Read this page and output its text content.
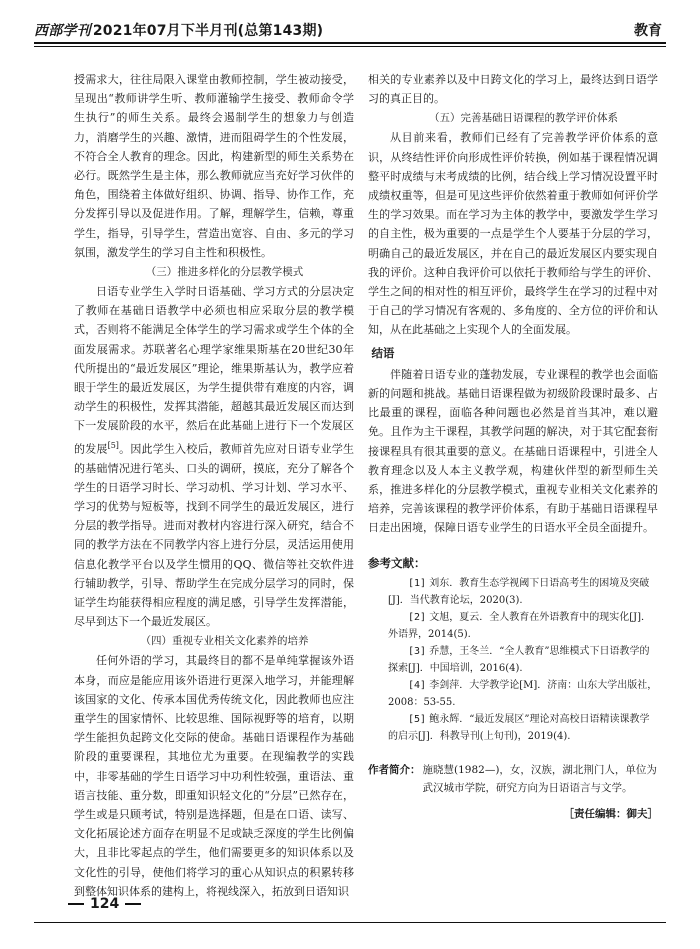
西部学刊 2021年07月下半月刊(总第143期)	教育

授需求大，往往局限入课堂由教师控制，学生被动接受，呈现出“教师讲学生听、教师灌输学生接受、教师命令学生执行”的师生关系。最终会遏制学生的想象力与创造力，消磨学生的兴趣、激情，进而阻碍学生的个性发展，不符合全人教育的理念。因此，构建新型的师生关系势在必行。既然学生是主体，那么教师就应当充好学习伙伴的角色，围绕着主体做好组织、协调、指导、协作工作，充分发挥引导以及促进作用。了解，理解学生，信赖，尊重学生，指导，引导学生，营造出宽容、自由、多元的学习氛围，激发学生的学习自主性和积极性。

（三）推进多样化的分层教学模式

日语专业学生入学时日语基础、学习方式的分层决定了教师在基础日语教学中必须也相应采取分层的教学模式，否则将不能满足全体学生的学习需求或学生个体的全面发展需求。苏联著名心理学家维果斯基在20世纪30年代所提出的“最近发展区”理论，维果斯基认为，教学应着眼于学生的最近发展区，为学生提供带有难度的内容，调动学生的积极性，发挥其潜能，超越其最近发展区而达到下一发展阶段的水平，然后在此基础上进行下一个发展区的发展[5]。因此学生入校后，教师首先应对日语专业学生的基础情况进行笔头、口头的调研，摸底，充分了解各个学生的日语学习时长、学习动机、学习计划、学习水平、学习的优势与短板等，找到不同学生的最近发展区，进行分层的教学指导。进而对教材内容进行深入研究，结合不同的教学方法在不同教学内容上进行分层，灵活运用使用信息化教学平台以及学生惯用的QQ、微信等社交软件进行辅助教学，引导、帮助学生在完成分层学习的同时，保证学生均能获得相应程度的满足感，引导学生发挥潜能，尽早到达下一个最近发展区。

（四）重视专业相关文化素养的培养

任何外语的学习，其最终目的都不是单纯掌握该外语本身，而应是能应用该外语进行更深入地学习，并能理解该国家的文化、传承本国优秀传统文化，因此教师也应注重学生的国家情怀、比较思维、国际视野等的培育，以期学生能担负起跨文化交际的使命。基础日语课程作为基础阶段的重要课程，其地位尤为重要。在现编教学的实践中，非零基础的学生日语学习中功利性较强，重语法、重语言技能、重分数，即重知识轻文化的“分层”已然存在，学生或是只顾考试，特别是选择题，但是在口语、读写、文化拓展论述方面存在明显不足或缺乏深度的学生比例偏大，且非比零起点的学生，他们需要更多的知识体系以及文化性的引导，使他们将学习的重心从知识点的积累转移到整体知识体系的建构上，将视线深入，拓放到日语知识

相关的专业素养以及中日跨文化的学习上，最终达到日语学习的真正目的。

（五）完善基础日语课程的教学评价体系

从目前来看，教师们已经有了完善教学评价体系的意识，从终结性评价向形成性评价转换，例如基于课程情况调整平时成绩与末考成绩的比例，结合线上学习情况设置平时成绩权重等，但是可见这些评价依然着重于教师如何评价学生的学习效果。而在学习为主体的教学中，要激发学生学习的自主性，极为重要的一点是学生个人要基于分层的学习，明确自己的最近发展区，并在自己的最近发展区内要实现自我的评价。这种自我评价可以依托于教师给与学生的评价、学生之间的相对性的相互评价，最终学生在学习的过程中对于自己的学习情况有客观的、多角度的、全方位的评价和认知，从在此基础之上实现个人的全面发展。

结语

伴随着日语专业的蓬勃发展，专业课程的教学也会面临新的问题和挑战。基础日语课程做为初级阶段课时最多、占比最重的课程，面临各种问题也必然是首当其冲，难以避免。且作为主干课程，其教学问题的解决，对于其它配套衔接课程具有很其重要的意义。在基础日语课程中，引进全人教育理念以及人本主义教学观，构建伙伴型的新型师生关系，推进多样化的分层教学模式，重视专业相关文化素养的培养，完善该课程的教学评价体系，有助于基础日语课程早日走出困境，保障日语专业学生的日语水平全员全面提升。

参考文献：

[1] 刘东．教育生态学视阈下日语高考生的困境及突破[J]．当代教育论坛，2020(3).

[2] 文旭，夏云．全人教育在外语教育中的现实化[J]．外语界，2014(5).

[3] 乔慧，王冬兰．“全人教育”思维模式下日语教学的探索[J]．中国培训，2016(4).

[4] 李剑萍．大学教学论[M]．济南：山东大学出版社，2008：53-55.

[5] 鲍永辉．“最近发展区”理论对高校日语精读课教学的启示[J]．科教导刊(上旬刊)，2019(4).

作者简介： 施晓慧(1982—)，女，汉族，湖北荆门人，单位为武汉城市学院，研究方向为日语语言与文学。
［责任编辑：御夫］
124
